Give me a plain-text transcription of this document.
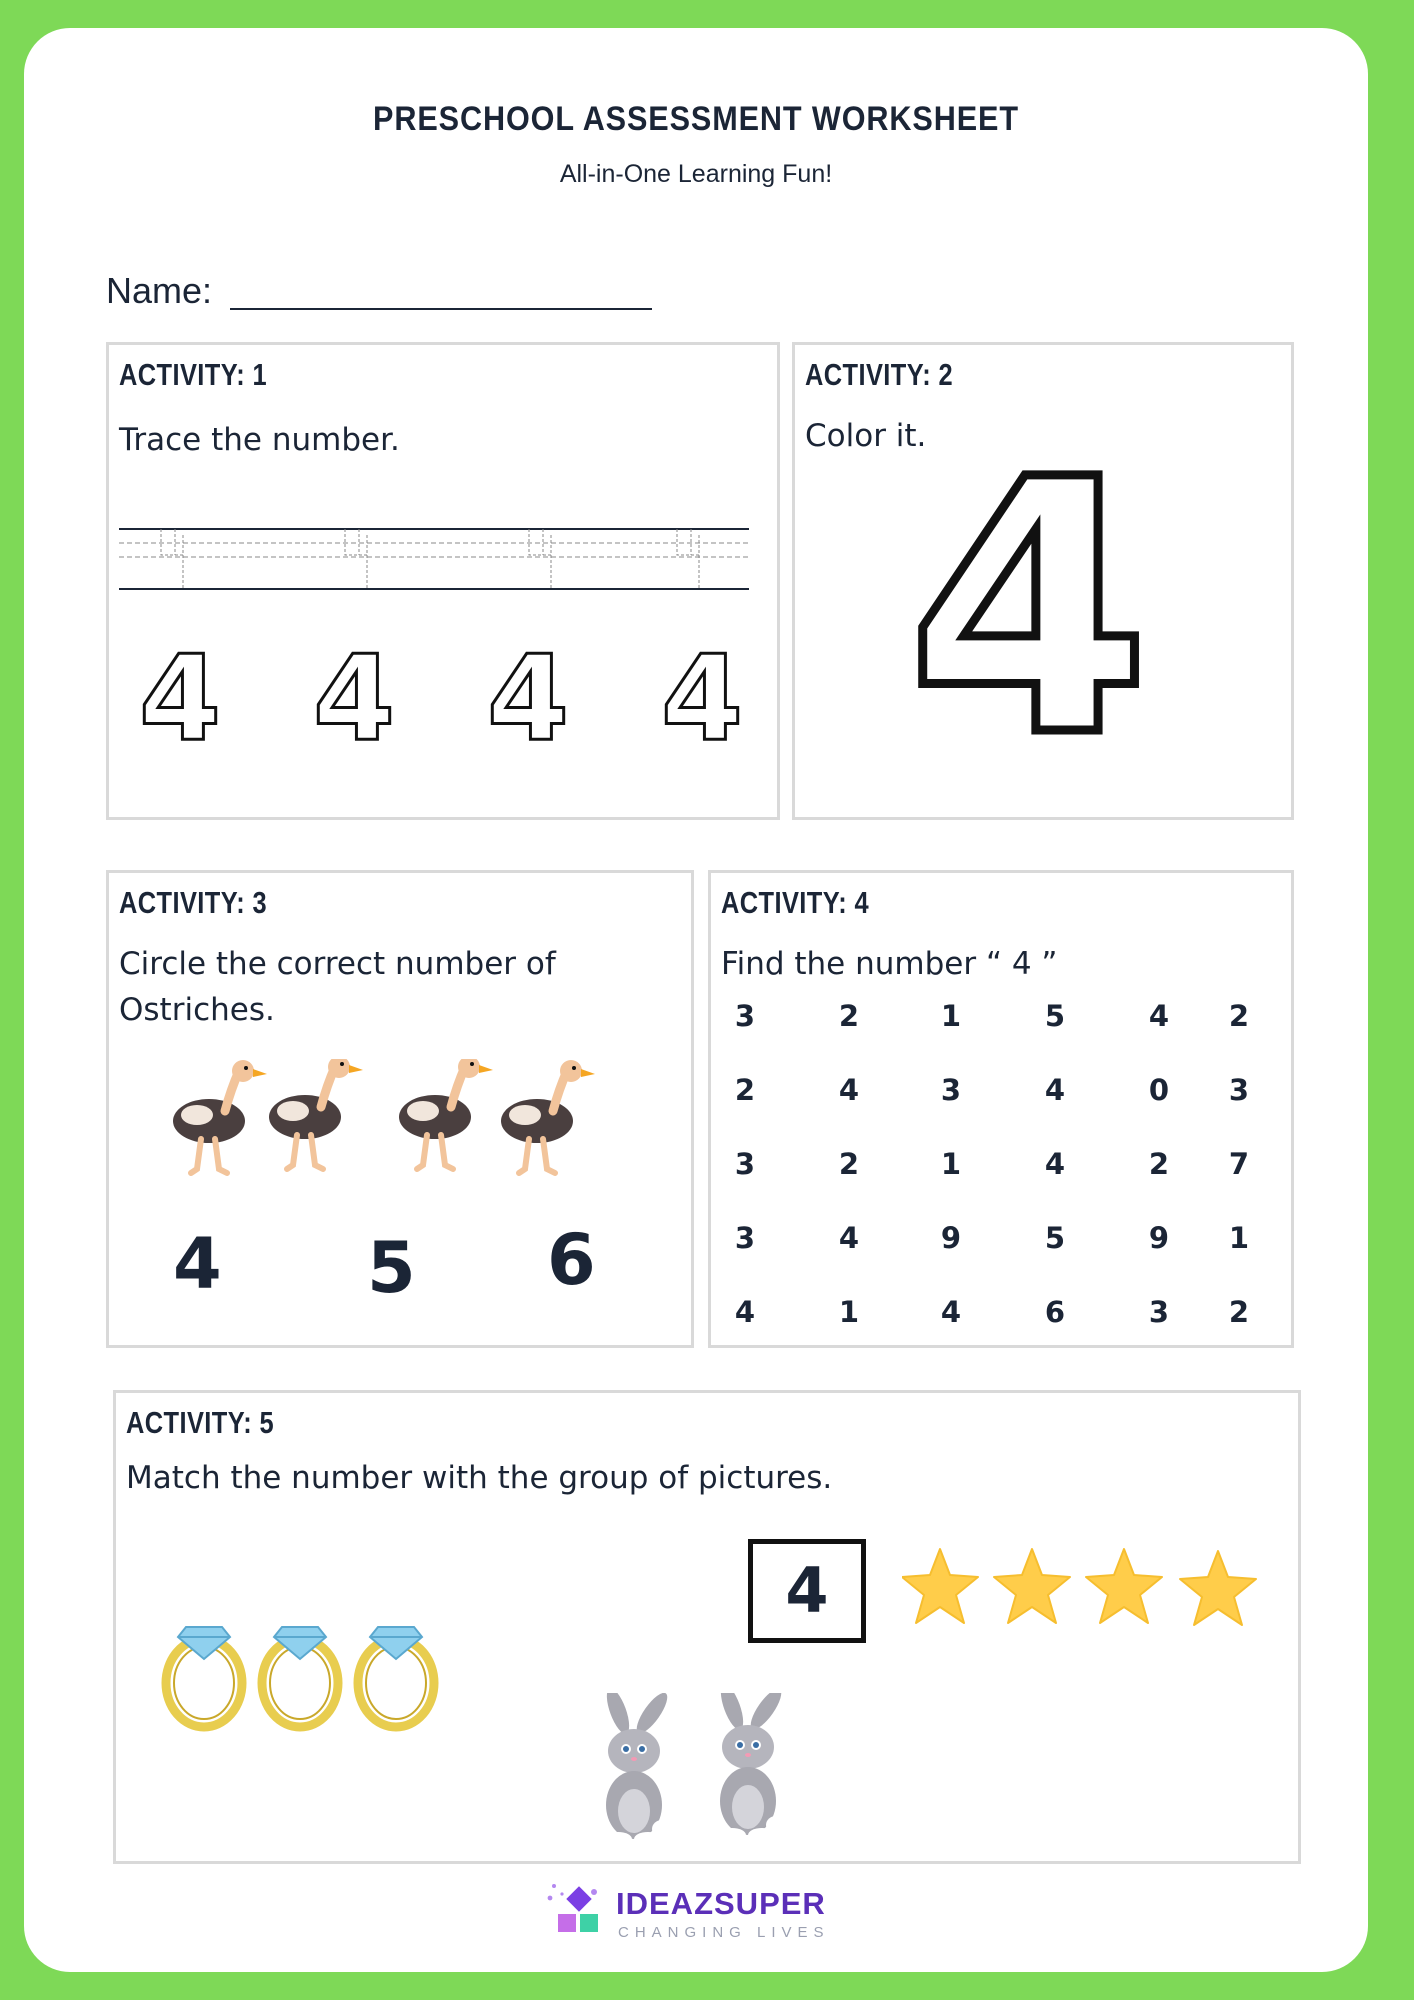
PRESCHOOL ASSESSMENT WORKSHEET
All-in-One Learning Fun!
Name:
ACTIVITY: 1
Trace the number.
4 4 4 4
ACTIVITY: 2
Color it.
4
ACTIVITY: 3
Circle the correct number of
Ostriches.
4 5 6
ACTIVITY: 4
Find the number “ 4 ”
3	2	1	5	4	2
2	4	3	4	0	3
3	2	1	4	2	7
3	4	9	5	9	1
4	1	4	6	3	2
ACTIVITY: 5
Match the number with the group of pictures.
4
IDEAZSUPER
CHANGING LIVES
